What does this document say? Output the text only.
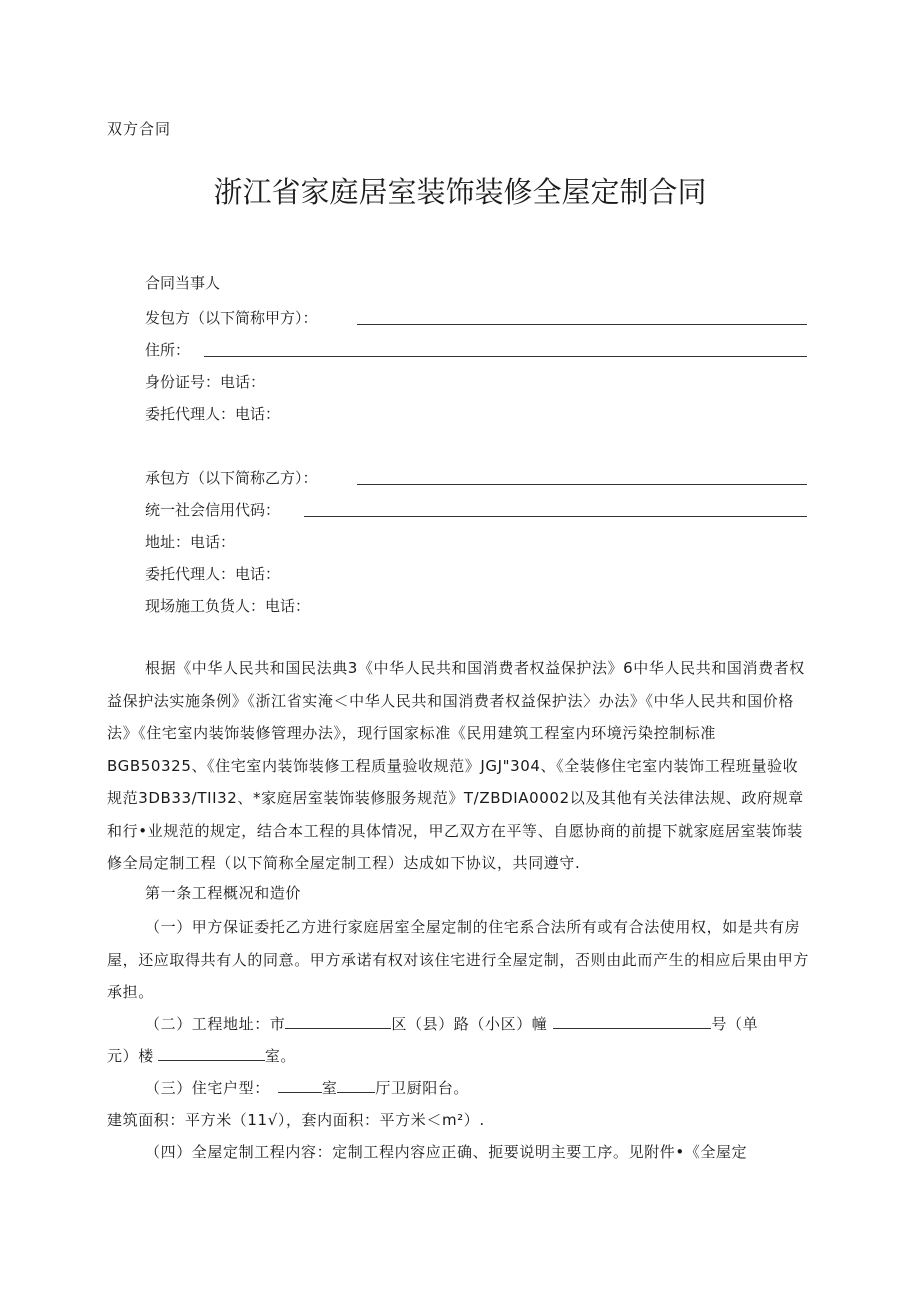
双方合同
浙江省家庭居室装饰装修全屋定制合同
合同当事人
发包方（以下简称甲方）：
住所：
身份证号：电话：
委托代理人：电话：
承包方（以下简称乙方）：
统一社会信用代码：
地址：电话：
委托代理人：电话：
现场施工负货人：电话：

根据《中华人民共和国民法典3《中华人民共和国消费者权益保护法》6中华人民共和国消费者权益保护法实施条例》《浙江省实淹＜中华人民共和国消费者权益保护法〉办法》《中华人民共和国价格法》《住宅室内装饰装修管理办法》，现行国家标准《民用建筑工程室内环境污染控制标准BGB50325、《住宅室内装饰装修工程质量验收规范》JGJ"304、《全装修住宅室内装饰工程班量验收规范3DB33/TII32、*家庭居室装饰装修服务规范》T/ZBDIA0002以及其他有关法律法规、政府规章和行•业规范的规定，结合本工程的具体情况，甲乙双方在平等、自愿协商的前提下就家庭居室装饰装修全局定制工程（以下简称全屋定制工程）达成如下协议，共同遵守.

第一条工程概况和造价

（一）甲方保证委托乙方进行家庭居室全屋定制的住宅系合法所有或有合法使用权，如是共有房屋，还应取得共有人的同意。甲方承诺有权对该住宅进行全屋定制，否则由此而产生的相应后果由甲方承担。

（二）工程地址：市	区（县）路（小区）幢	号（单
元）楼	室。
（三）住宅户型：	室	厅卫厨阳台。
建筑面积：平方米（11√），套内面积：平方米＜m²）.
（四）全屋定制工程内容：定制工程内容应正确、扼要说明主要工序。见附件•《全屋定
